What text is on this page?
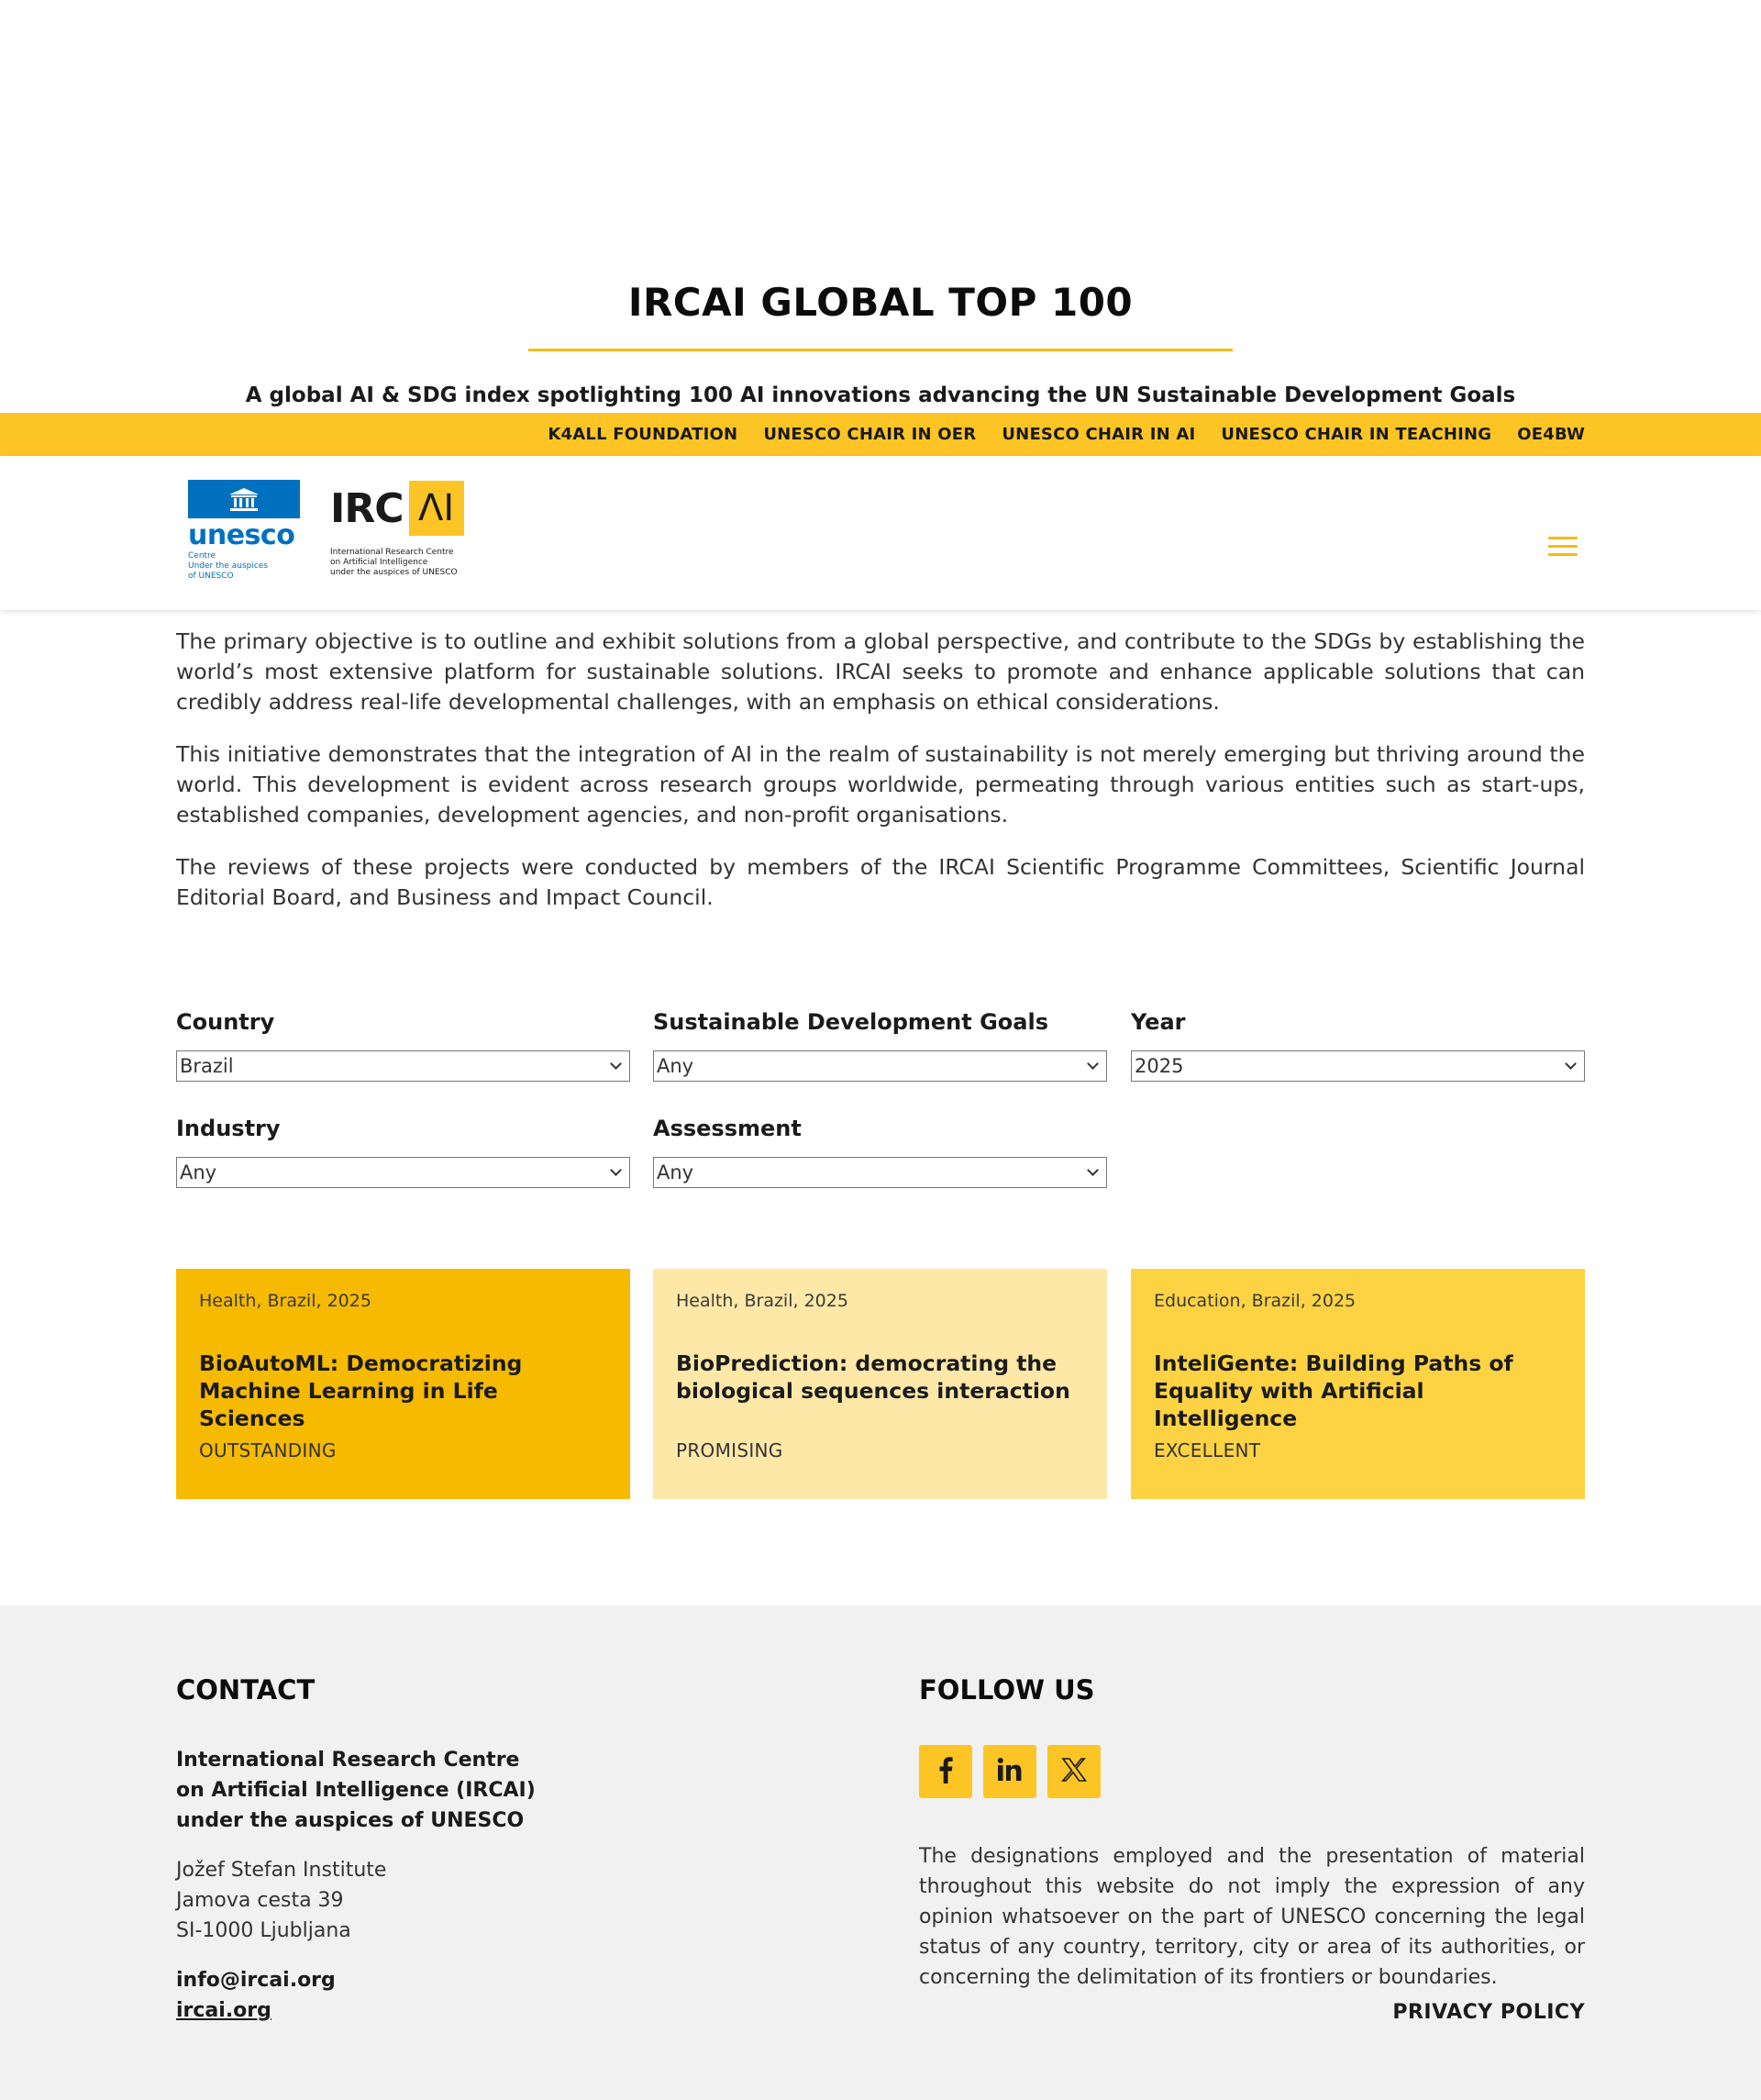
IRCAI GLOBAL TOP 100

A global AI & SDG index spotlighting 100 AI innovations advancing the UN Sustainable Development Goals

K4ALL FOUNDATION UNESCO CHAIR IN OER UNESCO CHAIR IN AI UNESCO CHAIR IN TEACHING OE4BW
unesco
Centre
Under the auspices
of UNESCO
IRC ΛI
International Research Centre
on Artificial Intelligence
under the auspices of UNESCO

The primary objective is to outline and exhibit solutions from a global perspective, and contribute to the SDGs by establishing the world’s most extensive platform for sustainable solutions. IRCAI seeks to promote and enhance applicable solutions that can credibly address real-life developmental challenges, with an emphasis on ethical considerations.

This initiative demonstrates that the integration of AI in the realm of sustainability is not merely emerging but thriving around the world. This development is evident across research groups worldwide, permeating through various entities such as start-ups, established companies, development agencies, and non-profit organisations.

The reviews of these projects were conducted by members of the IRCAI Scientific Programme Committees, Scientific Journal Editorial Board, and Business and Impact Council.

Country
Brazil
Sustainable Development Goals
Any
Year
2025
Industry
Any
Assessment
Any
Health, Brazil, 2025
BioAutoML: Democratizing Machine Learning in Life Sciences
OUTSTANDING
Health, Brazil, 2025
BioPrediction: democrating the biological sequences interaction
PROMISING
Education, Brazil, 2025
InteliGente: Building Paths of Equality with Artificial Intelligence
EXCELLENT
CONTACT
International Research Centre
on Artificial Intelligence (IRCAI)
under the auspices of UNESCO
Jožef Stefan Institute
Jamova cesta 39
SI-1000 Ljubljana
info@ircai.org
ircai.org
FOLLOW US

The designations employed and the presentation of material throughout this website do not imply the expression of any opinion whatsoever on the part of UNESCO concerning the legal status of any country, territory, city or area of its authorities, or concerning the delimitation of its frontiers or boundaries.

PRIVACY POLICY
